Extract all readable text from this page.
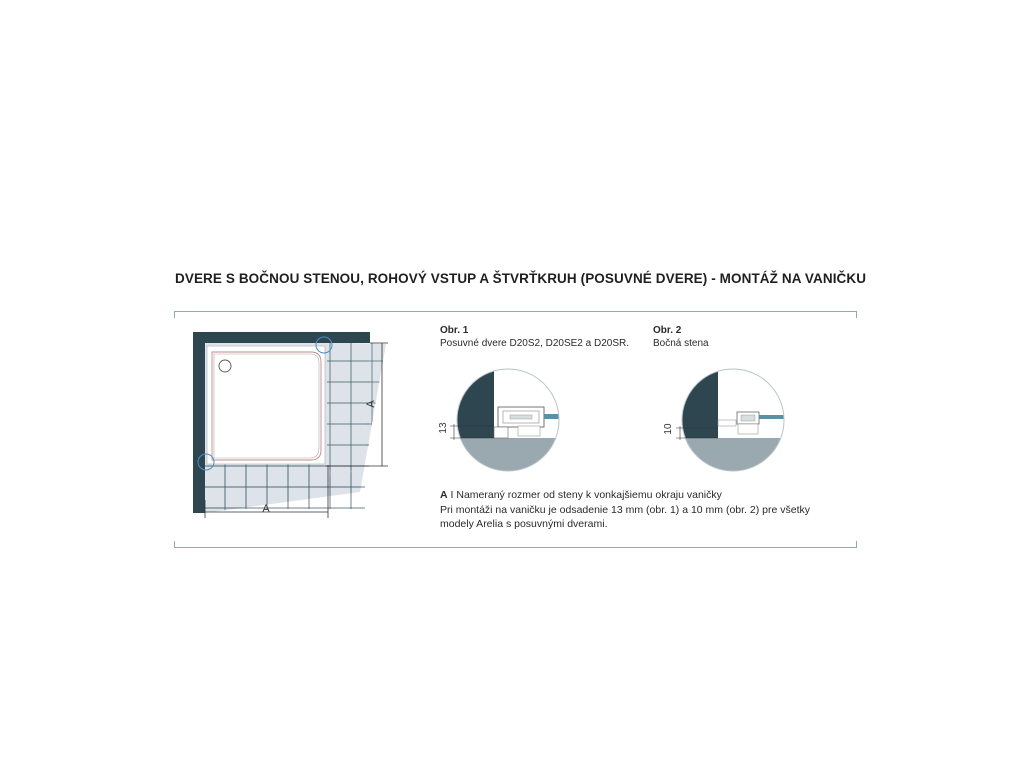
DVERE S BOČNOU STENOU, ROHOVÝ VSTUP A ŠTVRŤKRUH (POSUVNÉ DVERE) - MONTÁŽ NA VANIČKU
A
A
13	10
Obr. 1
Posuvné dvere D20S2, D20SE2 a D20SR.
Obr. 2
Bočná stena
A I Nameraný rozmer od steny k vonkajšiemu okraju vaničky
Pri montáži na vaničku je odsadenie 13 mm (obr. 1) a 10 mm (obr. 2) pre všetky
modely Arelia s posuvnými dverami.
